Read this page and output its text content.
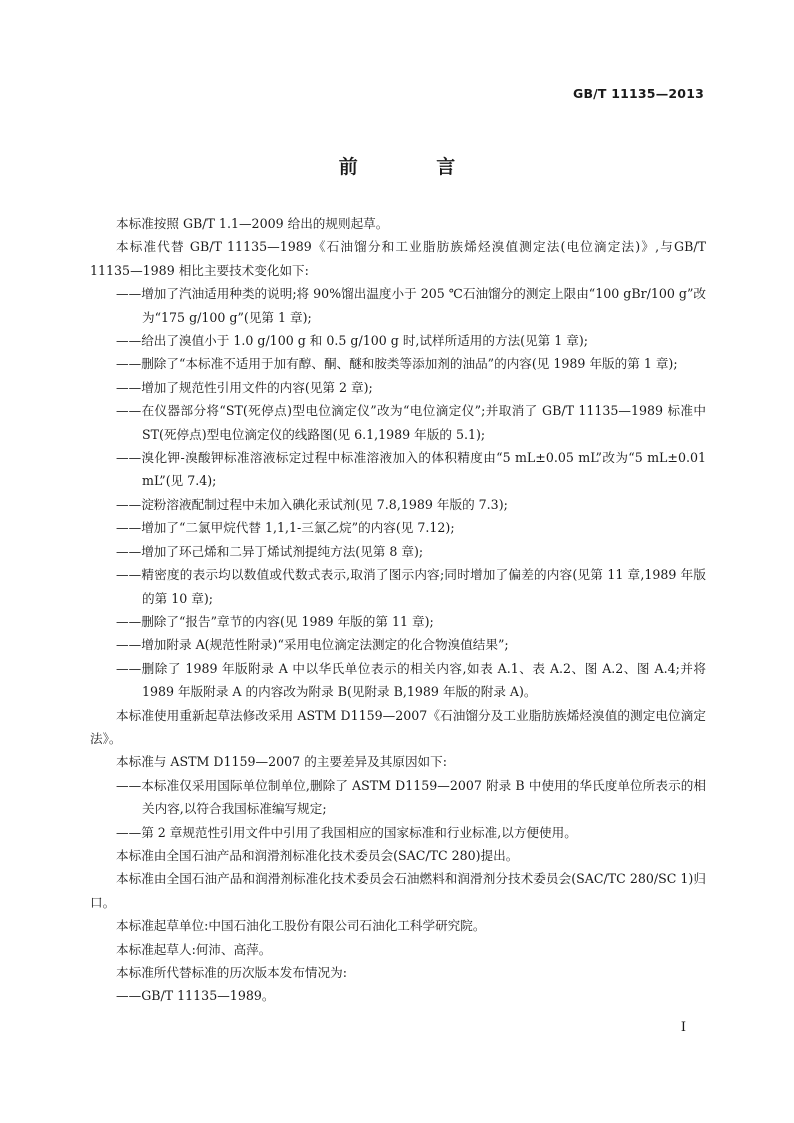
GB/T 11135—2013
前 言

本标准按照 GB/T 1.1—2009 给出的规则起草。

本标准代替 GB/T 11135—1989《石油馏分和工业脂肪族烯烃溴值测定法(电位滴定法)》,与GB/T 11135—1989 相比主要技术变化如下:

——增加了汽油适用种类的说明;将 90%馏出温度小于 205 ℃石油馏分的测定上限由“100 gBr/100 g”改为“175 g/100 g”(见第 1 章);

——给出了溴值小于 1.0 g/100 g 和 0.5 g/100 g 时,试样所适用的方法(见第 1 章);

——删除了“本标准不适用于加有醇、酮、醚和胺类等添加剂的油品”的内容(见 1989 年版的第 1 章);

——增加了规范性引用文件的内容(见第 2 章);

——在仪器部分将“ST(死停点)型电位滴定仪”改为“电位滴定仪”;并取消了 GB/T 11135—1989 标准中 ST(死停点)型电位滴定仪的线路图(见 6.1,1989 年版的 5.1);

——溴化钾-溴酸钾标准溶液标定过程中标准溶液加入的体积精度由“5 mL±0.05 mL”改为“5 mL±0.01 mL”(见 7.4);

——淀粉溶液配制过程中未加入碘化汞试剂(见 7.8,1989 年版的 7.3);

——增加了“二氯甲烷代替 1,1,1-三氯乙烷”的内容(见 7.12);

——增加了环己烯和二异丁烯试剂提纯方法(见第 8 章);

——精密度的表示均以数值或代数式表示,取消了图示内容;同时增加了偏差的内容(见第 11 章,1989 年版的第 10 章);

——删除了“报告”章节的内容(见 1989 年版的第 11 章);

——增加附录 A(规范性附录)“采用电位滴定法测定的化合物溴值结果”;

——删除了 1989 年版附录 A 中以华氏单位表示的相关内容,如表 A.1、表 A.2、图 A.2、图 A.4;并将 1989 年版附录 A 的内容改为附录 B(见附录 B,1989 年版的附录 A)。

本标准使用重新起草法修改采用 ASTM D1159—2007《石油馏分及工业脂肪族烯烃溴值的测定电位滴定法》。

本标准与 ASTM D1159—2007 的主要差异及其原因如下:

——本标准仅采用国际单位制单位,删除了 ASTM D1159—2007 附录 B 中使用的华氏度单位所表示的相关内容,以符合我国标准编写规定;

——第 2 章规范性引用文件中引用了我国相应的国家标准和行业标准,以方便使用。

本标准由全国石油产品和润滑剂标准化技术委员会(SAC/TC 280)提出。

本标准由全国石油产品和润滑剂标准化技术委员会石油燃料和润滑剂分技术委员会(SAC/TC 280/SC 1)归口。

本标准起草单位:中国石油化工股份有限公司石油化工科学研究院。

本标准起草人:何沛、高萍。

本标准所代替标准的历次版本发布情况为:

——GB/T 11135—1989。

I
